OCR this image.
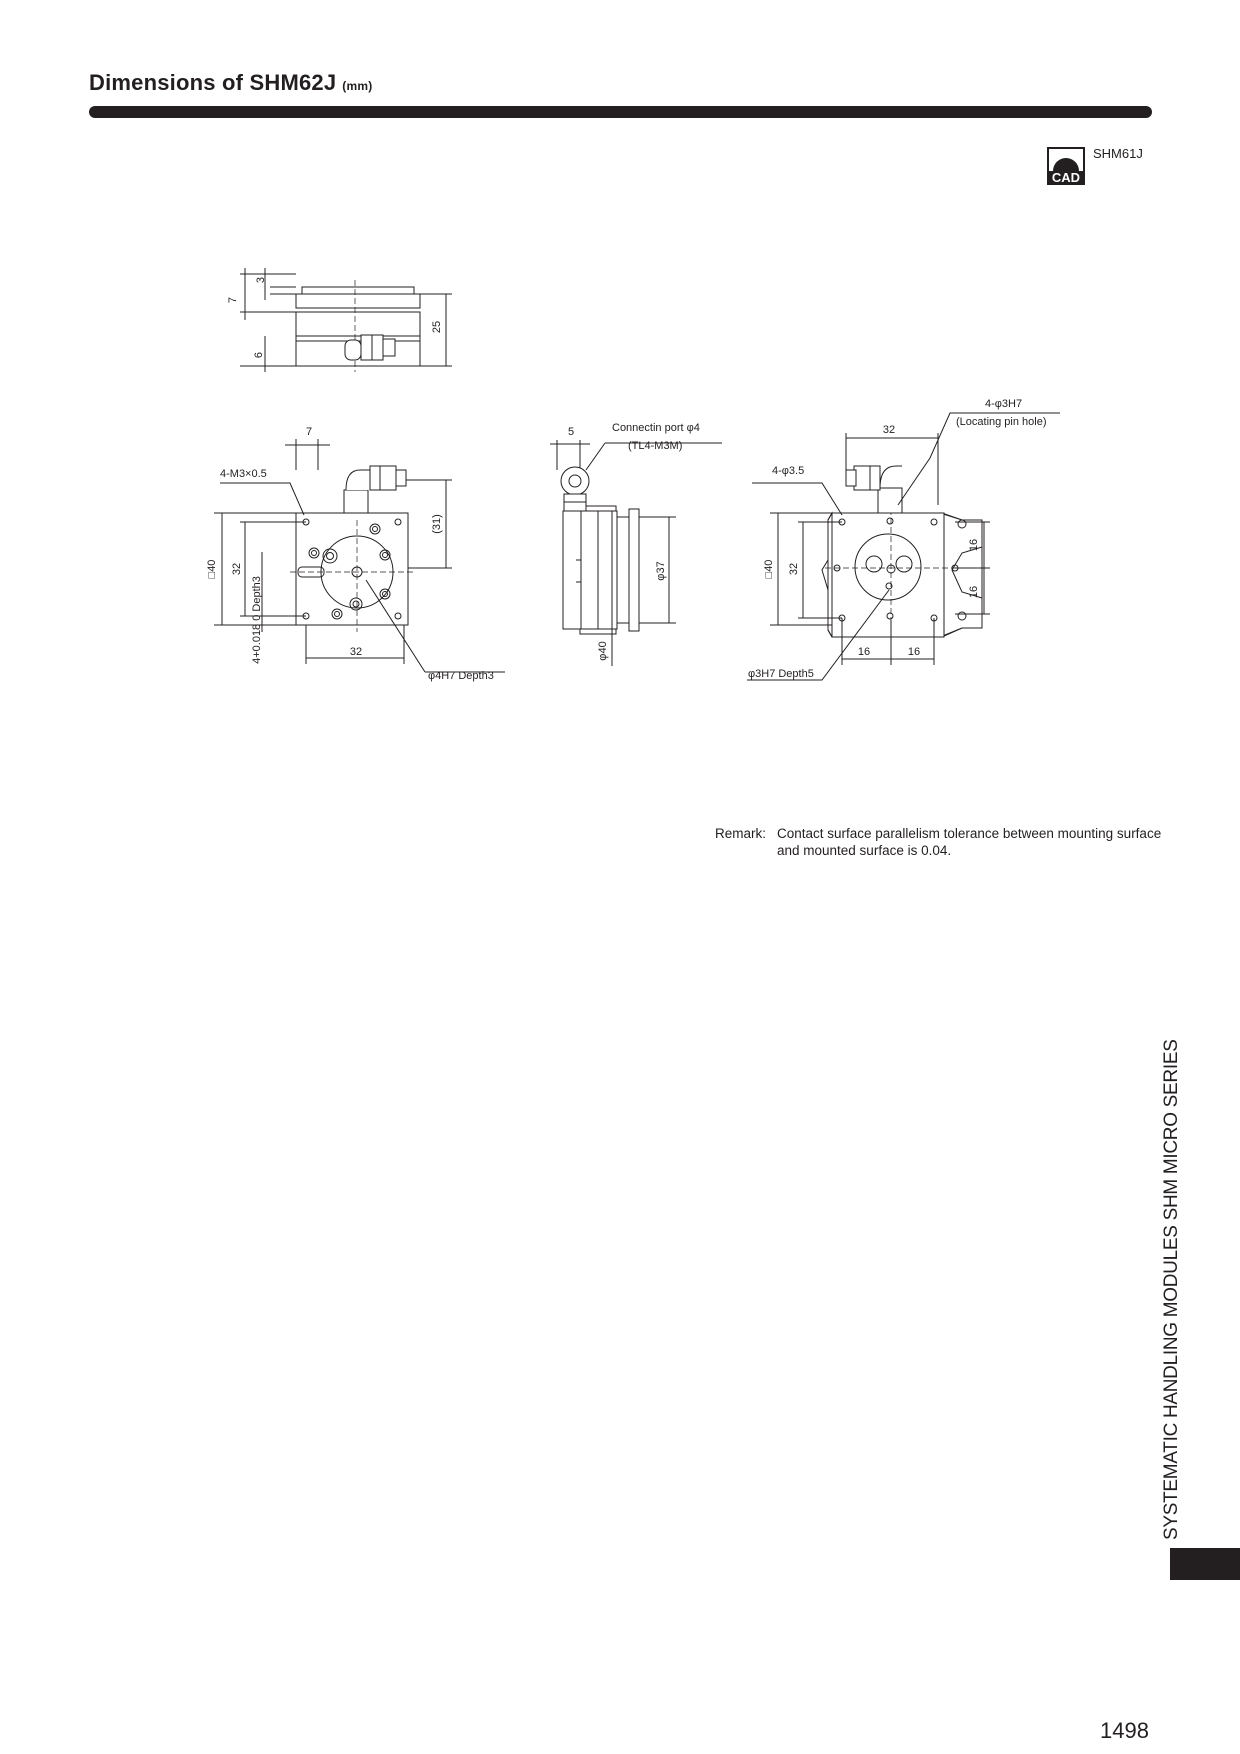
Dimensions of SHM62J (mm)
CAD
SHM61J
3
7
6
25
7
4-M3×0.5
(31)
□40 32
4+0.018 0 Depth3	32
φ4H7 Depth3
5	Connectin port φ4
(TL4-M3M)
φ37
φ40
4-φ3H7
(Locating pin hole)
32
4-φ3.5
□40 32
16
16
16	16
φ3H7 Depth5
Remark: Contact surface parallelism tolerance between mounting surface and mounted surface is 0.04.
SYSTEMATIC HANDLING MODULES SHM MICRO SERIES
1498
